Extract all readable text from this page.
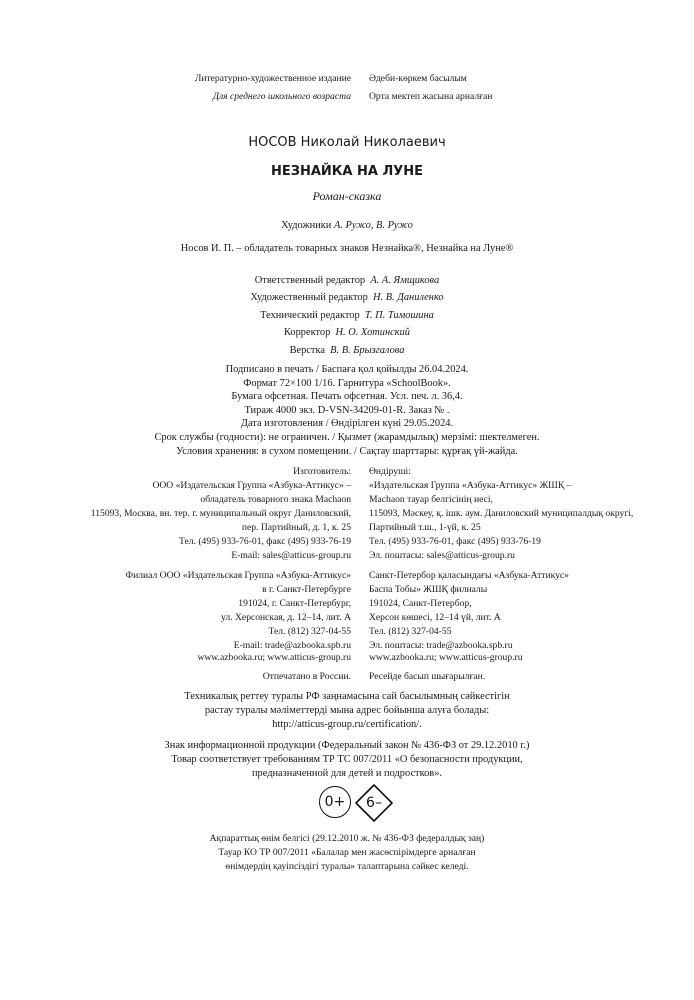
Литературно-художественное издание
Для среднего школьного возраста
Әдеби-көркем басылым
Орта мектеп жасына арналған
НОСОВ Николай Николаевич
НЕЗНАЙКА НА ЛУНЕ
Роман-сказка
Художники А. Ружо, В. Ружо
Носов И. П. – обладатель товарных знаков Незнайка®, Незнайка на Луне®
Ответственный редактор А. А. Ямщикова
Художественный редактор Н. В. Даниленко
Технический редактор Т. П. Тимошина
Корректор Н. О. Хотинский
Верстка В. В. Брызгалова
Подписано в печать / Баспаға қол қойылды 26.04.2024.
Формат 72×100 1/16. Гарнитура «SchoolBook».
Бумага офсетная. Печать офсетная. Усл. печ. л. 36,4.
Тираж 4000 экз. D-VSN-34209-01-R. Заказ № .
Дата изготовления / Өндірілген күні 29.05.2024.
Срок службы (годности): не ограничен. / Қызмет (жарамдылық) мерзімі: шектелмеген.
Условия хранения: в сухом помещении. / Сақтау шарттары: құрғақ үй-жайда.
Изготовитель:
ООО «Издательская Группа «Азбука-Аттикус» –
обладатель товарного знака Machaon
115093, Москва, вн. тер. г. муниципальный округ Даниловский,
пер. Партийный, д. 1, к. 25
Тел. (495) 933-76-01, факс (495) 933-76-19
E-mail: sales@atticus-group.ru
Өндіруші:
«Издательская Группа «Азбука-Аттикус» ЖШҚ –
Machaon тауар белгісінің иесі,
115093, Мәскеу, қ. ішк. аум. Даниловский муниципалдық округі,
Партийный т.ш., 1-үй, к. 25
Тел. (495) 933-76-01, факс (495) 933-76-19
Эл. поштасы: sales@atticus-group.ru
Филиал ООО «Издательская Группа «Азбука-Аттикус»
в г. Санкт-Петербурге
191024, г. Санкт-Петербург,
ул. Херсонская, д. 12–14, лит. А
Тел. (812) 327-04-55
E-mail: trade@azbooka.spb.ru
Санкт-Петербор қаласындағы «Азбука-Аттикус»
Баспа Тобы» ЖШҚ филиалы
191024, Санкт-Петербор,
Херсон көшесі, 12–14 үй, лит. А
Тел. (812) 327-04-55
Эл. поштасы: trade@azbooka.spb.ru
www.azbooka.ru; www.atticus-group.ru www.azbooka.ru; www.atticus-group.ru
Отпечатано в России. Ресейде басып шығарылған.
Техникалық реттеу туралы РФ заңнамасына сай басылымның сәйкестігін
растау туралы мәліметтерді мына адрес бойынша алуға болады:
http://atticus-group.ru/certification/.
Знак информационной продукции (Федеральный закон № 436-ФЗ от 29.12.2010 г.)
Товар соответствует требованиям ТР ТС 007/2011 «О безопасности продукции,
предназначенной для детей и подростков».
0+	6–
Ақпараттық өнім белгісі (29.12.2010 ж. № 436-ФЗ федералдық заң)
Тауар КО ТР 007/2011 «Балалар мен жасөспірімдерге арналған
өнімдердің қауіпсіздігі туралы» талаптарына сәйкес келеді.
